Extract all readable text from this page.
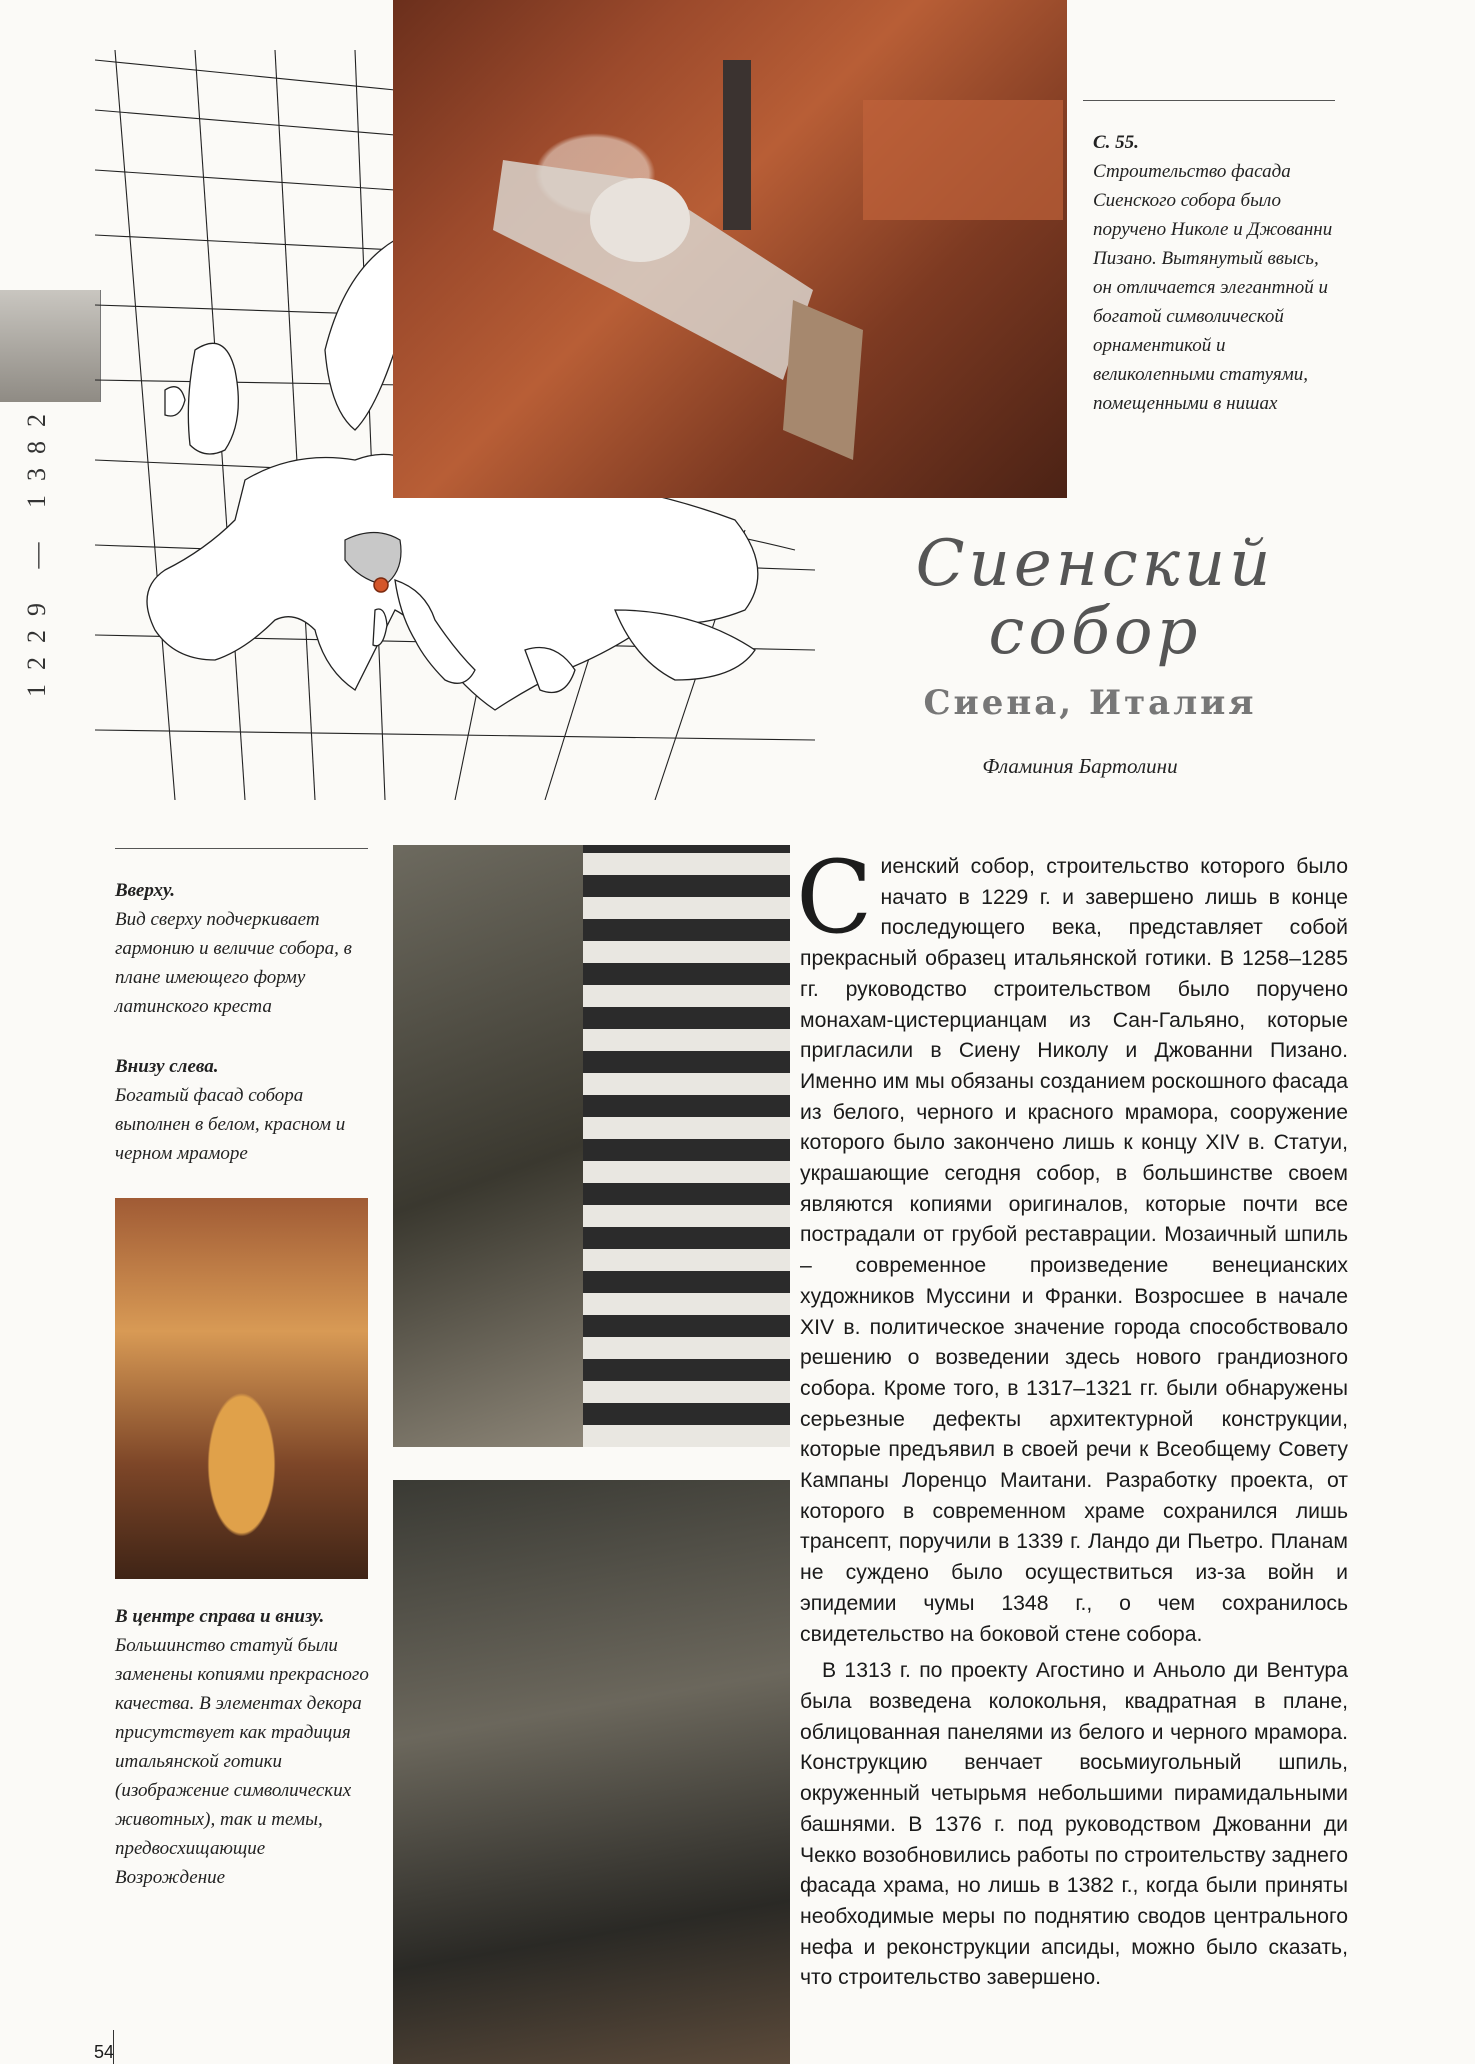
1229 — 1382
С. 55.
Строительство фасада Сиенского собора было поручено Николе и Джованни Пизано. Вытянутый ввысь, он отличается элегантной и богатой символической орнаментикой и великолепными статуями, помещенными в нишах
Сиенский
собор
Сиена, Италия
Фламиния Бартолини
Вверху.
Вид сверху подчеркивает гармонию и величие собора, в плане имеющего форму латинского креста
Внизу слева.
Богатый фасад собора выполнен в белом, красном и черном мраморе
В центре справа и внизу.
Большинство статуй были заменены копиями прекрасного качества. В элементах декора присутствует как традиция итальянской готики (изображение символических животных), так и темы, предвосхищающие Возрождение

Сиенский собор, строительство которого было начато в 1229 г. и завершено лишь в конце последующего века, представляет собой прекрасный образец итальянской готики. В 1258–1285 гг. руководство строительством было поручено монахам-цистерцианцам из Сан-Гальяно, которые пригласили в Сиену Николу и Джованни Пизано. Именно им мы обязаны созданием роскошного фасада из белого, черного и красного мрамора, сооружение которого было закончено лишь к концу XIV в. Статуи, украшающие сегодня собор, в большинстве своем являются копиями оригиналов, которые почти все пострадали от грубой реставрации. Мозаичный шпиль – современное произведение венецианских художников Муссини и Франки. Возросшее в начале XIV в. политическое значение города способствовало решению о возведении здесь нового грандиозного собора. Кроме того, в 1317–1321 гг. были обнаружены серьезные дефекты архитектурной конструкции, которые предъявил в своей речи к Всеобщему Совету Кампаны Лоренцо Маитани. Разработку проекта, от которого в современном храме сохранился лишь трансепт, поручили в 1339 г. Ландо ди Пьетро. Планам не суждено было осуществиться из-за войн и эпидемии чумы 1348 г., о чем сохранилось свидетельство на боковой стене собора.

В 1313 г. по проекту Агостино и Аньоло ди Вентура была возведена колокольня, квадратная в плане, облицованная панелями из белого и черного мрамора. Конструкцию венчает восьмиугольный шпиль, окруженный четырьмя небольшими пирамидальными башнями. В 1376 г. под руководством Джованни ди Чекко возобновились работы по строительству заднего фасада храма, но лишь в 1382 г., когда были приняты необходимые меры по поднятию сводов центрального нефа и реконструкции апсиды, можно было сказать, что строительство завершено.

54
